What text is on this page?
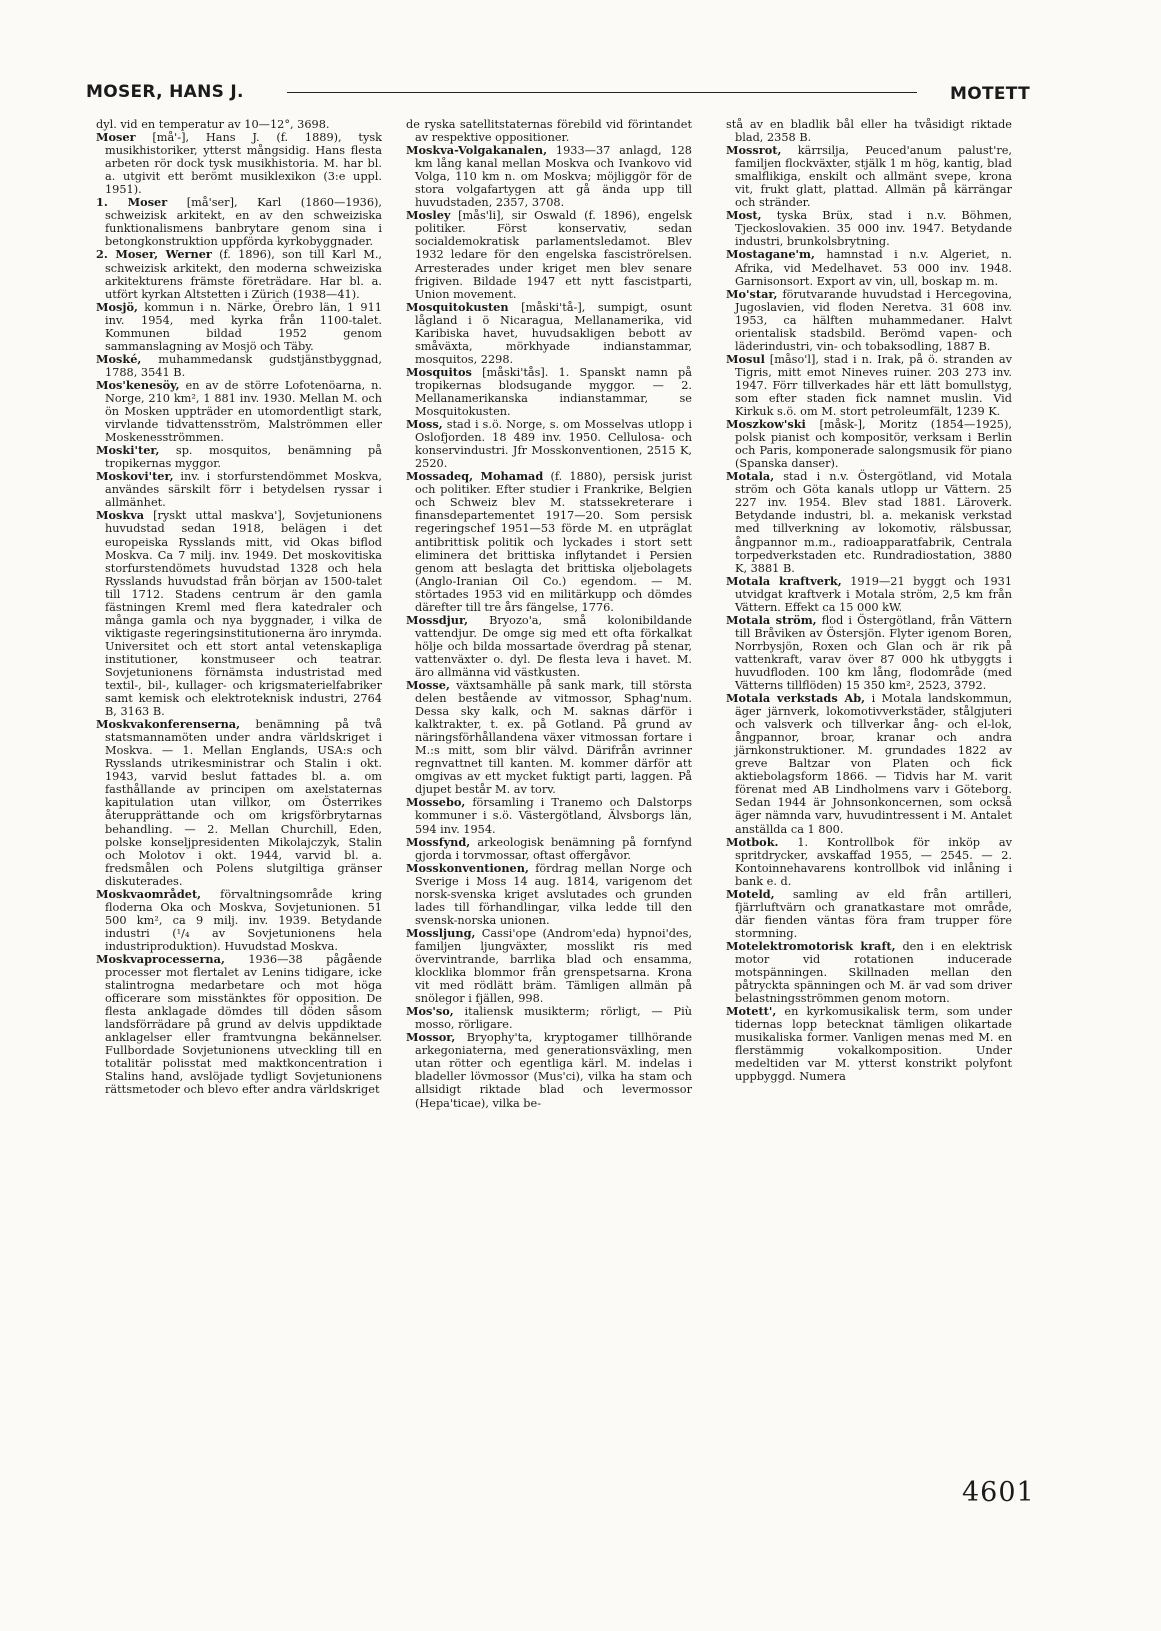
MOSER, HANS J.	MOTETT

dyl. vid en temperatur av 10—12°, 3698.

Moser [må'-], Hans J. (f. 1889), tysk musikhistoriker, ytterst mångsidig. Hans flesta arbeten rör dock tysk musikhistoria. M. har bl. a. utgivit ett berömt musiklexikon (3:e uppl. 1951).

1. Moser [må'ser], Karl (1860—1936), schweizisk arkitekt, en av den schweiziska funktionalismens banbrytare genom sina i betongkonstruktion uppförda kyrkobyggnader.

2. Moser, Werner (f. 1896), son till Karl M., schweizisk arkitekt, den moderna schweiziska arkitekturens främste företrädare. Har bl. a. utfört kyrkan Altstetten i Zürich (1938—41).

Mosjö, kommun i n. Närke, Örebro län, 1 911 inv. 1954, med kyrka från 1100-talet. Kommunen bildad 1952 genom sammanslagning av Mosjö och Täby.

Moské, muhammedansk gudstjänstbyggnad, 1788, 3541 B.

Mos'kenesöy, en av de större Lofotenöarna, n. Norge, 210 km², 1 881 inv. 1930. Mellan M. och ön Mosken uppträder en utomordentligt stark, virvlande tidvattensström, Malströmmen eller Moskenesströmmen.

Moski'ter, sp. mosquitos, benämning på tropikernas myggor.

Moskovi'ter, inv. i storfurstendömmet Moskva, användes särskilt förr i betydelsen ryssar i allmänhet.

Moskva [ryskt uttal maskva'], Sovjetunionens huvudstad sedan 1918, belägen i det europeiska Rysslands mitt, vid Okas biflod Moskva. Ca 7 milj. inv. 1949. Det moskovitiska storfurstendömets huvudstad 1328 och hela Rysslands huvudstad från början av 1500-talet till 1712. Stadens centrum är den gamla fästningen Kreml med flera katedraler och många gamla och nya byggnader, i vilka de viktigaste regeringsinstitutionerna äro inrymda. Universitet och ett stort antal vetenskapliga institutioner, konstmuseer och teatrar. Sovjetunionens förnämsta industristad med textil-, bil-, kullager- och krigsmaterielfabriker samt kemisk och elektroteknisk industri, 2764 B, 3163 B.

Moskvakonferenserna, benämning på två statsmannamöten under andra världskriget i Moskva. — 1. Mellan Englands, USA:s och Rysslands utrikesministrar och Stalin i okt. 1943, varvid beslut fattades bl. a. om fasthållande av principen om axelstaternas kapitulation utan villkor, om Österrikes återupprättande och om krigsförbrytarnas behandling. — 2. Mellan Churchill, Eden, polske konseljpresidenten Mikolajczyk, Stalin och Molotov i okt. 1944, varvid bl. a. fredsmålen och Polens slutgiltiga gränser diskuterades.

Moskvaområdet, förvaltningsområde kring floderna Oka och Moskva, Sovjetunionen. 51 500 km², ca 9 milj. inv. 1939. Betydande industri (¹/₄ av Sovjetunionens hela industriproduktion). Huvudstad Moskva.

Moskvaprocesserna, 1936—38 pågående processer mot flertalet av Lenins tidigare, icke stalintrogna medarbetare och mot höga officerare som misstänktes för opposition. De flesta anklagade dömdes till döden såsom landsförrädare på grund av delvis uppdiktade anklagelser eller framtvungna bekännelser. Fullbordade Sovjetunionens utveckling till en totalitär polisstat med maktkoncentration i Stalins hand, avslöjade tydligt Sovjetunionens rättsmetoder och blevo efter andra världskriget

de ryska satellitstaternas förebild vid förintandet av respektive oppositioner.

Moskva-Volgakanalen, 1933—37 anlagd, 128 km lång kanal mellan Moskva och Ivankovo vid Volga, 110 km n. om Moskva; möjliggör för de stora volgafartygen att gå ända upp till huvudstaden, 2357, 3708.

Mosley [mås'li], sir Oswald (f. 1896), engelsk politiker. Först konservativ, sedan socialdemokratisk parlamentsledamot. Blev 1932 ledare för den engelska fasciströrelsen. Arresterades under kriget men blev senare frigiven. Bildade 1947 ett nytt fascistparti, Union movement.

Mosquitokusten [måski'tå-], sumpigt, osunt lågland i ö Nicaragua, Mellanamerika, vid Karibiska havet, huvudsakligen bebott av småväxta, mörkhyade indianstammar, mosquitos, 2298.

Mosquitos [måski'tås]. 1. Spanskt namn på tropikernas blodsugande myggor. — 2. Mellanamerikanska indianstammar, se Mosquitokusten.

Moss, stad i s.ö. Norge, s. om Mosselvas utlopp i Oslofjorden. 18 489 inv. 1950. Cellulosa- och konservindustri. Jfr Mosskonventionen, 2515 K, 2520.

Mossadeq, Mohamad (f. 1880), persisk jurist och politiker. Efter studier i Frankrike, Belgien och Schweiz blev M. statssekreterare i finansdepartementet 1917—20. Som persisk regeringschef 1951—53 förde M. en utpräglat antibrittisk politik och lyckades i stort sett eliminera det brittiska inflytandet i Persien genom att beslagta det brittiska oljebolagets (Anglo-Iranian Oil Co.) egendom. — M. störtades 1953 vid en militärkupp och dömdes därefter till tre års fängelse, 1776.

Mossdjur, Bryozo'a, små kolonibildande vattendjur. De omge sig med ett ofta förkalkat hölje och bilda mossartade överdrag på stenar, vattenväxter o. dyl. De flesta leva i havet. M. äro allmänna vid västkusten.

Mosse, växtsamhälle på sank mark, till största delen bestående av vitmossor, Sphag'num. Dessa sky kalk, och M. saknas därför i kalktrakter, t. ex. på Gotland. På grund av näringsförhållandena växer vitmossan fortare i M.:s mitt, som blir välvd. Därifrån avrinner regnvattnet till kanten. M. kommer därför att omgivas av ett mycket fuktigt parti, laggen. På djupet består M. av torv.

Mossebo, församling i Tranemo och Dalstorps kommuner i s.ö. Västergötland, Älvsborgs län, 594 inv. 1954.

Mossfynd, arkeologisk benämning på fornfynd gjorda i torvmossar, oftast offergåvor.

Mosskonventionen, fördrag mellan Norge och Sverige i Moss 14 aug. 1814, varigenom det norsk-svenska kriget avslutades och grunden lades till förhandlingar, vilka ledde till den svensk-norska unionen.

Mossljung, Cassi'ope (Androm'eda) hypnoi'des, familjen ljungväxter, mosslikt ris med övervintrande, barrlika blad och ensamma, klocklika blommor från grenspetsarna. Krona vit med rödlätt bräm. Tämligen allmän på snölegor i fjällen, 998.

Mos'so, italiensk musikterm; rörligt, — Più mosso, rörligare.

Mossor, Bryophy'ta, kryptogamer tillhörande arkegoniaterna, med generationsväxling, men utan rötter och egentliga kärl. M. indelas i bladeller lövmossor (Mus'ci), vilka ha stam och allsidigt riktade blad och levermossor (Hepa'ticae), vilka be-

stå av en bladlik bål eller ha tvåsidigt riktade blad, 2358 B.

Mossrot, kärrsilja, Peuced'anum palust're, familjen flockväxter, stjälk 1 m hög, kantig, blad smalflikiga, enskilt och allmänt svepe, krona vit, frukt glatt, plattad. Allmän på kärrängar och stränder.

Most, tyska Brüx, stad i n.v. Böhmen, Tjeckoslovakien. 35 000 inv. 1947. Betydande industri, brunkolsbrytning.

Mostagane'm, hamnstad i n.v. Algeriet, n. Afrika, vid Medelhavet. 53 000 inv. 1948. Garnisonsort. Export av vin, ull, boskap m. m.

Mo'star, förutvarande huvudstad i Hercegovina, Jugoslavien, vid floden Neretva. 31 608 inv. 1953, ca hälften muhammedaner. Halvt orientalisk stadsbild. Berömd vapen- och läderindustri, vin- och tobaksodling, 1887 B.

Mosul [måso'l], stad i n. Irak, på ö. stranden av Tigris, mitt emot Nineves ruiner. 203 273 inv. 1947. Förr tillverkades här ett lätt bomullstyg, som efter staden fick namnet muslin. Vid Kirkuk s.ö. om M. stort petroleumfält, 1239 K.

Moszkow'ski [måsk-], Moritz (1854—1925), polsk pianist och kompositör, verksam i Berlin och Paris, komponerade salongsmusik för piano (Spanska danser).

Motala, stad i n.v. Östergötland, vid Motala ström och Göta kanals utlopp ur Vättern. 25 227 inv. 1954. Blev stad 1881. Läroverk. Betydande industri, bl. a. mekanisk verkstad med tillverkning av lokomotiv, rälsbussar, ångpannor m.m., radioapparatfabrik, Centrala torpedverkstaden etc. Rundradiostation, 3880 K, 3881 B.

Motala kraftverk, 1919—21 byggt och 1931 utvidgat kraftverk i Motala ström, 2,5 km från Vättern. Effekt ca 15 000 kW.

Motala ström, flod i Östergötland, från Vättern till Bråviken av Östersjön. Flyter igenom Boren, Norrbysjön, Roxen och Glan och är rik på vattenkraft, varav över 87 000 hk utbyggts i huvudfloden. 100 km lång, flodområde (med Vätterns tillflöden) 15 350 km², 2523, 3792.

Motala verkstads Ab, i Motala landskommun, äger järnverk, lokomotivverkstäder, stålgjuteri och valsverk och tillverkar ång- och el-lok, ångpannor, broar, kranar och andra järnkonstruktioner. M. grundades 1822 av greve Baltzar von Platen och fick aktiebolagsform 1866. — Tidvis har M. varit förenat med AB Lindholmens varv i Göteborg. Sedan 1944 är Johnsonkoncernen, som också äger nämnda varv, huvudintressent i M. Antalet anställda ca 1 800.

Motbok. 1. Kontrollbok för inköp av spritdrycker, avskaffad 1955, — 2545. — 2. Kontoinnehavarens kontrollbok vid inlåning i bank e. d.

Moteld, samling av eld från artilleri, fjärrluftvärn och granatkastare mot område, där fienden väntas föra fram trupper före stormning.

Motelektromotorisk kraft, den i en elektrisk motor vid rotationen inducerade motspänningen. Skillnaden mellan den påtryckta spänningen och M. är vad som driver belastningsströmmen genom motorn.

Motett', en kyrkomusikalisk term, som under tidernas lopp betecknat tämligen olikartade musikaliska former. Vanligen menas med M. en flerstämmig vokalkomposition. Under medeltiden var M. ytterst konstrikt polyfont uppbyggd. Numera

4601
